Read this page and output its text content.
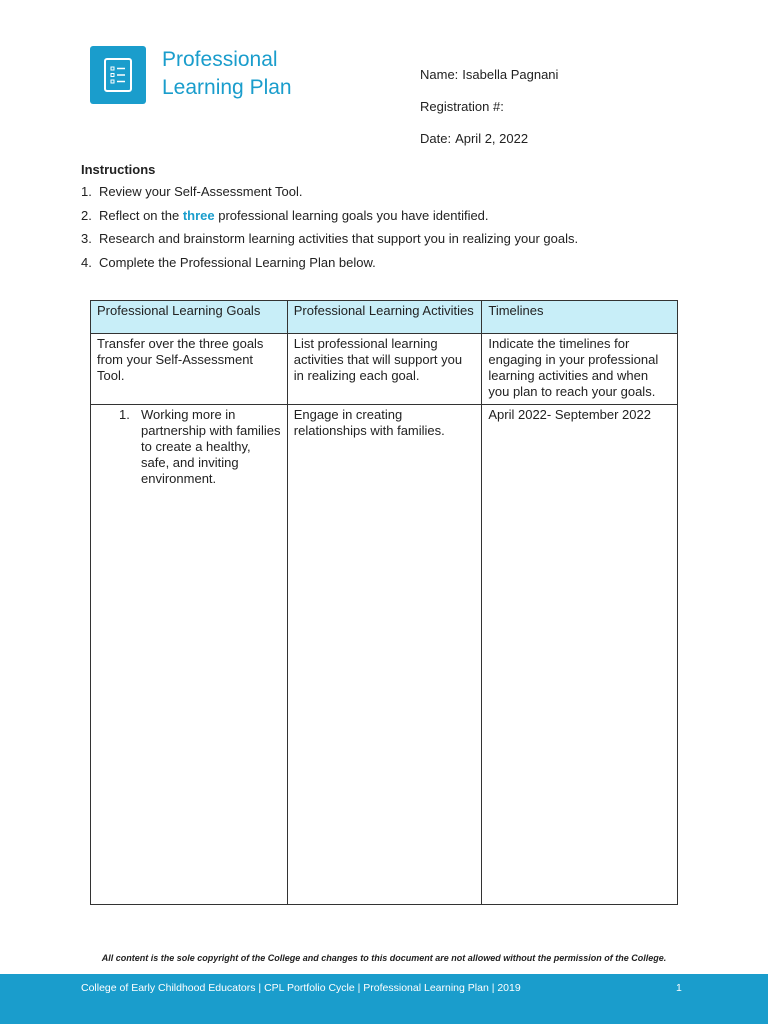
Professional
Learning Plan
Name: Isabella Pagnani
Registration #:
Date: April 2, 2022
Instructions
1. Review your Self-Assessment Tool.
2. Reflect on the three professional learning goals you have identified.
3. Research and brainstorm learning activities that support you in realizing your goals.
4. Complete the Professional Learning Plan below.
Professional Learning Goals	Professional Learning Activities	Timelines
Transfer over the three goals from your Self-Assessment Tool.	List professional learning activities that will support you in realizing each goal.	Indicate the timelines for engaging in your professional learning activities and when you plan to reach your goals.

1. Working more in partnership with families to create a healthy, safe, and inviting environment.	Engage in creating relationships with families.	April 2022- September 2022
All content is the sole copyright of the College and changes to this document are not allowed without the permission of the College.
College of Early Childhood Educators | CPL Portfolio Cycle | Professional Learning Plan | 2019	1
